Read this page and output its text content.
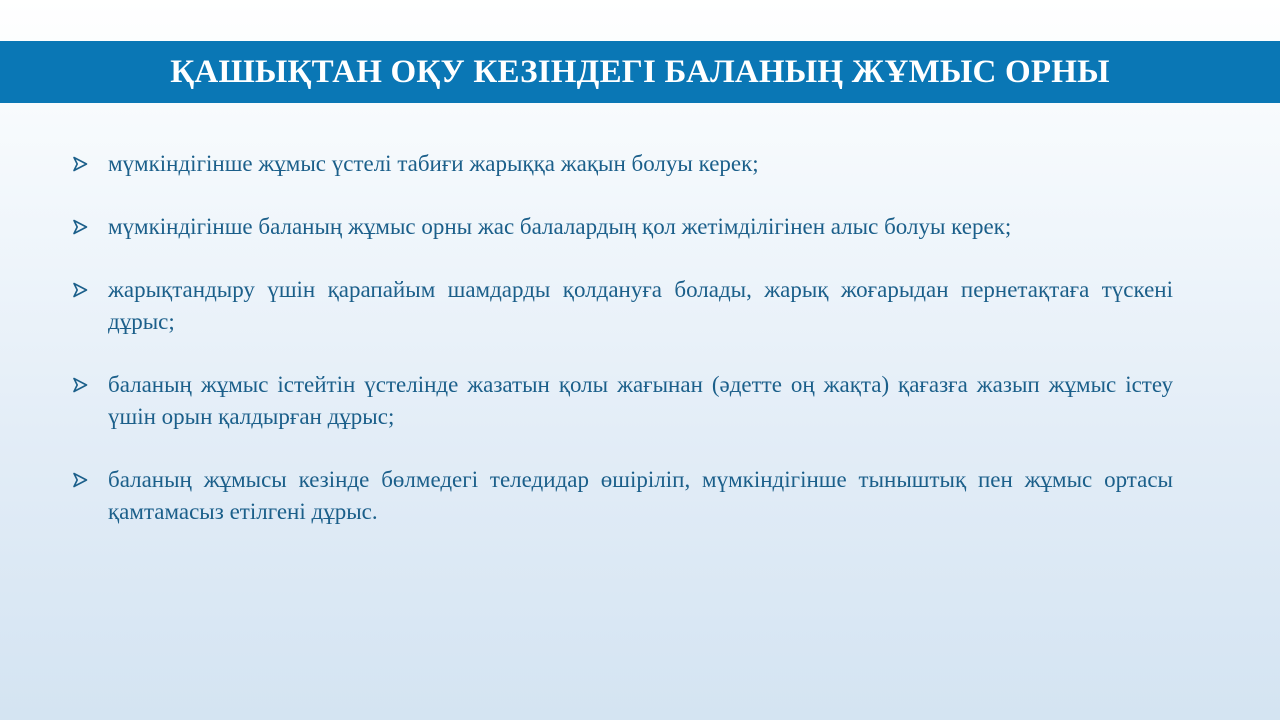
ҚАШЫҚТАН ОҚУ КЕЗІНДЕГІ БАЛАНЫҢ ЖҰМЫС ОРНЫ
мүмкіндігінше жұмыс үстелі табиғи жарыққа жақын болуы керек;
мүмкіндігінше баланың жұмыс орны жас балалардың қол жетімділігінен алыс болуы керек;
жарықтандыру үшін қарапайым шамдарды қолдануға болады, жарық жоғарыдан пернетақтаға түскені дұрыс;
баланың жұмыс істейтін үстелінде жазатын қолы жағынан (әдетте оң жақта) қағазға жазып жұмыс істеу үшін орын қалдырған дұрыс;
баланың жұмысы кезінде бөлмедегі теледидар өшіріліп, мүмкіндігінше тыныштық пен жұмыс ортасы қамтамасыз етілгені дұрыс.
